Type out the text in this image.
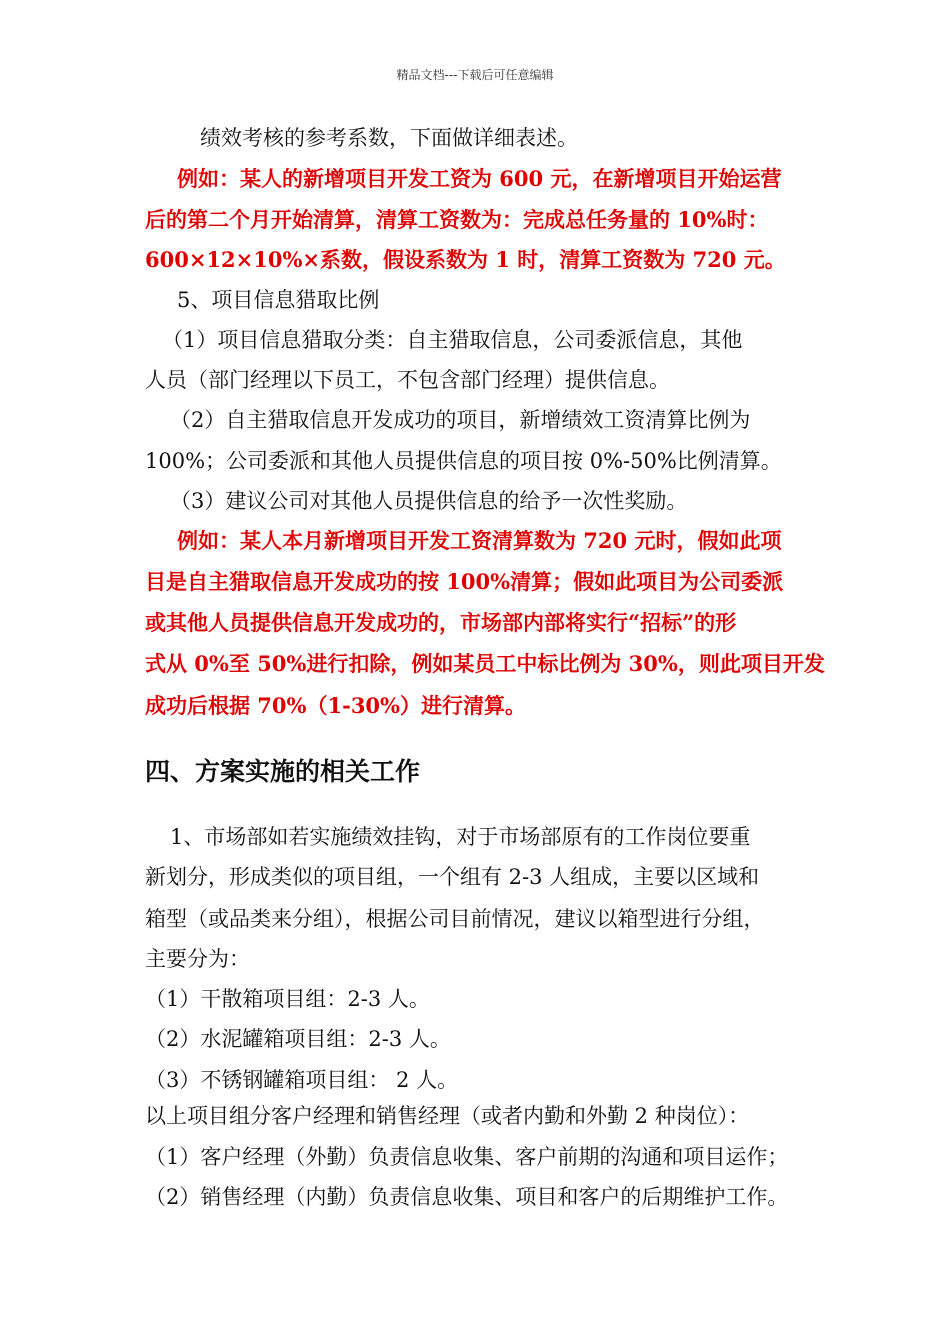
精品文档---下载后可任意编辑
绩效考核的参考系数，下面做详细表述。
例如：某人的新增项目开发工资为 600 元，在新增项目开始运营
后的第二个月开始清算，清算工资数为：完成总任务量的 10%时：
600×12×10%×系数，假设系数为 1 时，清算工资数为 720 元。
5、项目信息猎取比例
（1）项目信息猎取分类：自主猎取信息，公司委派信息，其他
人员（部门经理以下员工，不包含部门经理）提供信息。
（2）自主猎取信息开发成功的项目，新增绩效工资清算比例为
100%；公司委派和其他人员提供信息的项目按 0%-50%比例清算。
（3）建议公司对其他人员提供信息的给予一次性奖励。
例如：某人本月新增项目开发工资清算数为 720 元时，假如此项
目是自主猎取信息开发成功的按 100%清算；假如此项目为公司委派
或其他人员提供信息开发成功的，市场部内部将实行“招标”的形
式从 0%至 50%进行扣除，例如某员工中标比例为 30%，则此项目开发
成功后根据 70%（1-30%）进行清算。
四、方案实施的相关工作
1、市场部如若实施绩效挂钩，对于市场部原有的工作岗位要重
新划分，形成类似的项目组，一个组有 2-3 人组成，主要以区域和
箱型（或品类来分组），根据公司目前情况，建议以箱型进行分组，
主要分为：
（1）干散箱项目组：2-3 人。
（2）水泥罐箱项目组：2-3 人。
（3）不锈钢罐箱项目组： 2 人。
以上项目组分客户经理和销售经理（或者内勤和外勤 2 种岗位）：
（1）客户经理（外勤）负责信息收集、客户前期的沟通和项目运作；
（2）销售经理（内勤）负责信息收集、项目和客户的后期维护工作。
